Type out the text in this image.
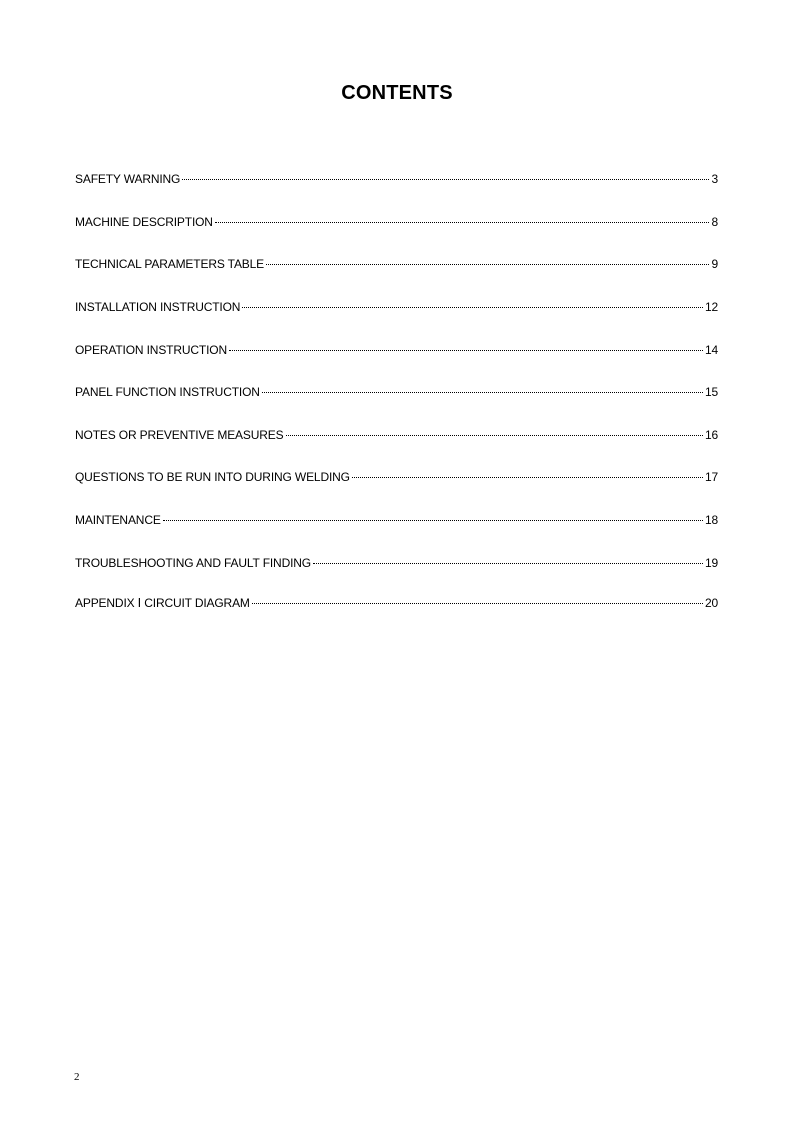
CONTENTS
SAFETY WARNING	3
MACHINE DESCRIPTION	8
TECHNICAL PARAMETERS TABLE	9
INSTALLATION INSTRUCTION	12
OPERATION INSTRUCTION	14
PANEL FUNCTION INSTRUCTION	15
NOTES OR PREVENTIVE MEASURES	16
QUESTIONS TO BE RUN INTO DURING WELDING	17
MAINTENANCE	18
TROUBLESHOOTING AND FAULT FINDING	19
APPENDIX Ⅰ CIRCUIT DIAGRAM	20
2
